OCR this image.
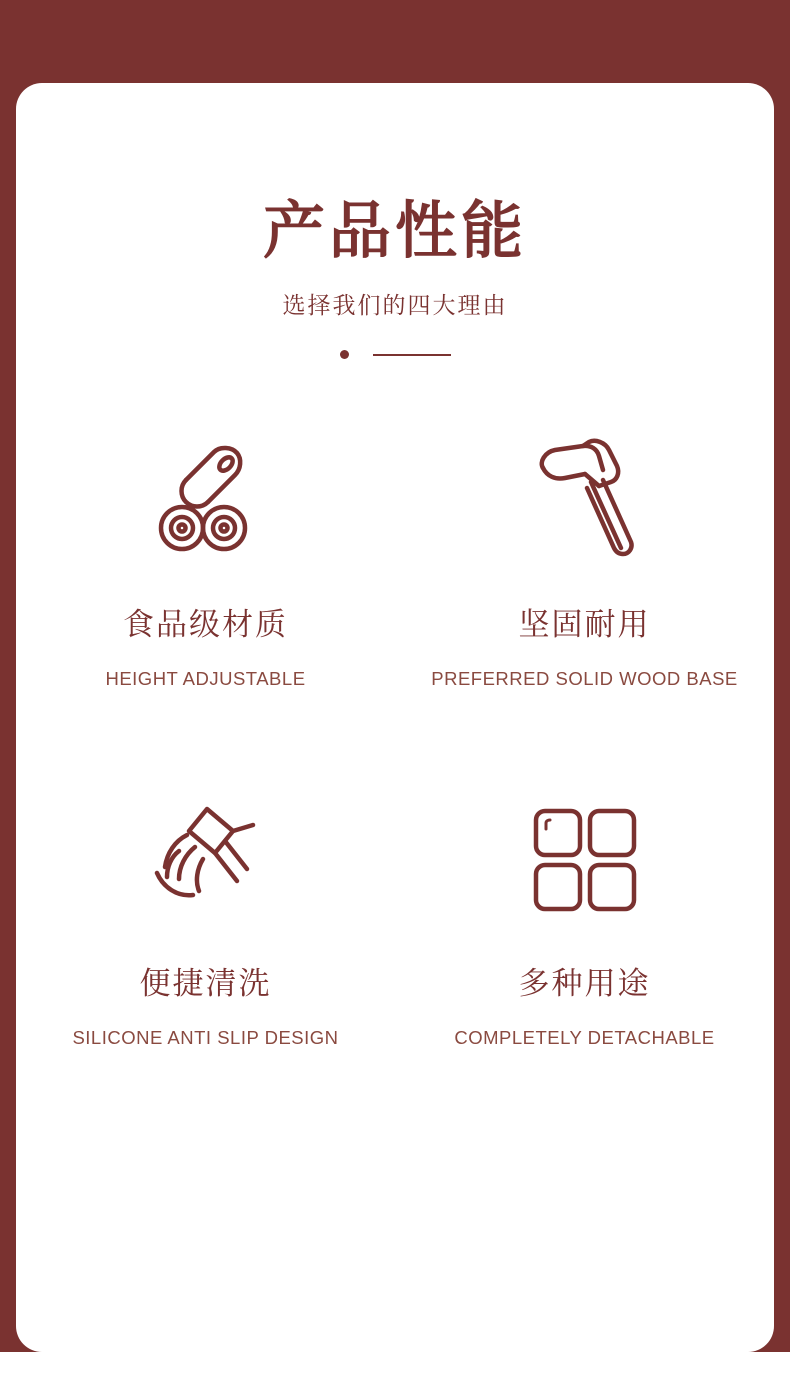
产品性能
选择我们的四大理由
食品级材质
HEIGHT ADJUSTABLE
坚固耐用
PREFERRED SOLID WOOD BASE
便捷清洗
SILICONE ANTI SLIP DESIGN
多种用途
COMPLETELY DETACHABLE
